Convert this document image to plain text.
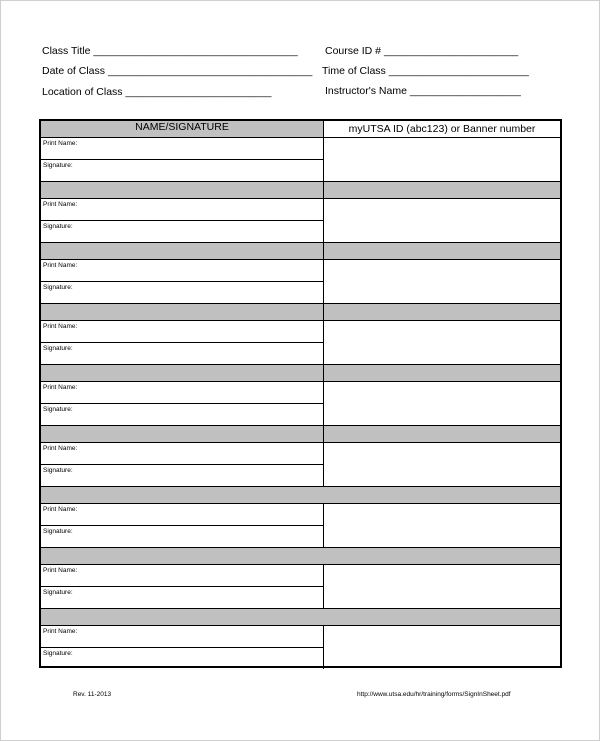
Class Title ___________________________________	Course ID # _______________________
Date of Class ___________________________________ Time of Class ________________________
Location of Class _________________________	Instructor's Name ___________________
NAME/SIGNATURE	myUTSA ID (abc123) or Banner number
Print Name:
Signature:
Print Name:
Signature:
Print Name:
Signature:
Print Name:
Signature:
Print Name:
Signature:
Print Name:
Signature:
Print Name:
Signature:
Print Name:
Signature:
Print Name:
Signature:
Rev. 11-2013	http://www.utsa.edu/hr/training/forms/SignInSheet.pdf
